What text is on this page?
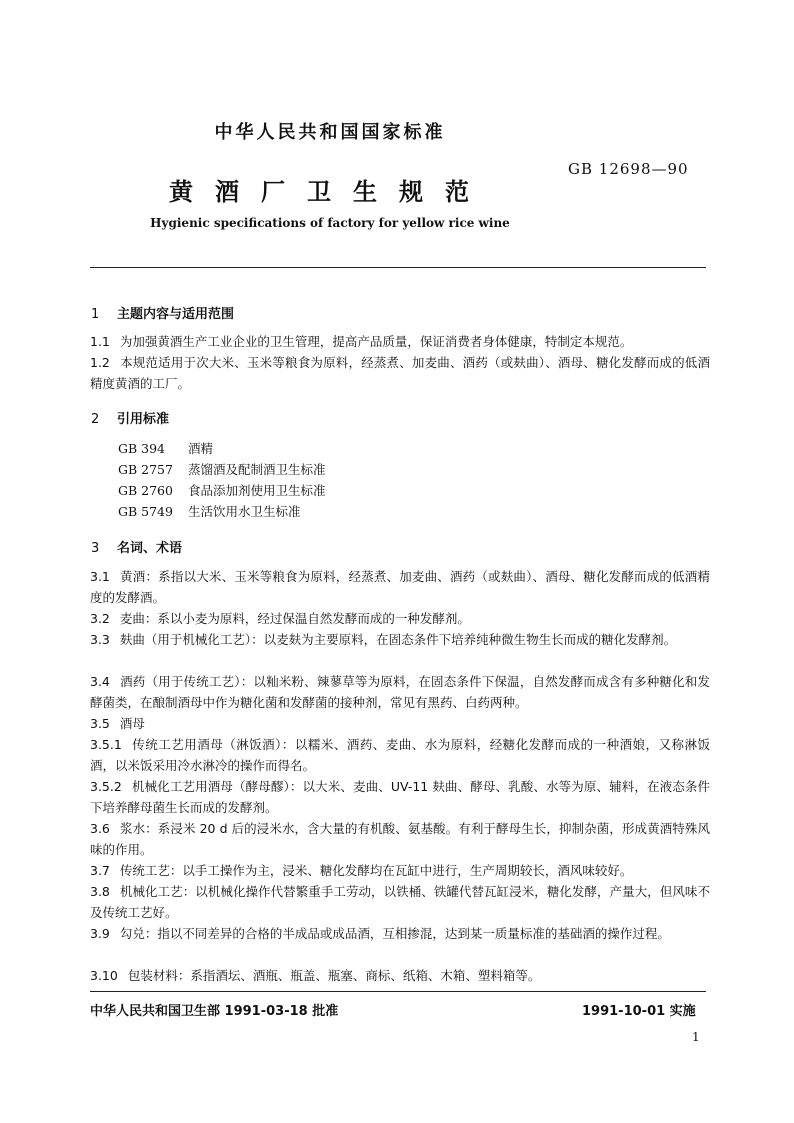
中华人民共和国国家标准
GB 12698—90
黄酒厂卫生规范
Hygienic specifications of factory for yellow rice wine
1 主题内容与适用范围
1.1 为加强黄酒生产工业企业的卫生管理，提高产品质量，保证消费者身体健康，特制定本规范。
1.2 本规范适用于次大米、玉米等粮食为原料，经蒸煮、加麦曲、酒药（或麸曲）、酒母、糖化发酵而成的低酒精度黄酒的工厂。
2 引用标准
GB 394 酒精
GB 2757 蒸馏酒及配制酒卫生标准
GB 2760 食品添加剂使用卫生标准
GB 5749 生活饮用水卫生标准
3 名词、术语
3.1 黄酒：系指以大米、玉米等粮食为原料，经蒸煮、加麦曲、酒药（或麸曲）、酒母、糖化发酵而成的低酒精度的发酵酒。
3.2 麦曲：系以小麦为原料，经过保温自然发酵而成的一种发酵剂。
3.3 麸曲（用于机械化工艺）：以麦麸为主要原料，在固态条件下培养纯种微生物生长而成的糖化发酵剂。
3.4 酒药（用于传统工艺）：以籼米粉、辣蓼草等为原料，在固态条件下保温，自然发酵而成含有多种糖化和发酵菌类，在酿制酒母中作为糖化菌和发酵菌的接种剂，常见有黑药、白药两种。
3.5 酒母
3.5.1 传统工艺用酒母（淋饭酒）：以糯米、酒药、麦曲、水为原料，经糖化发酵而成的一种酒娘，又称淋饭酒，以米饭采用冷水淋冷的操作而得名。
3.5.2 机械化工艺用酒母（酵母醪）：以大米、麦曲、UV-11 麸曲、酵母、乳酸、水等为原、辅料，在液态条件下培养酵母菌生长而成的发酵剂。
3.6 浆水：系浸米 20 d 后的浸米水，含大量的有机酸、氨基酸。有利于酵母生长，抑制杂菌，形成黄酒特殊风味的作用。
3.7 传统工艺：以手工操作为主，浸米、糖化发酵均在瓦缸中进行，生产周期较长，酒风味较好。
3.8 机械化工艺：以机械化操作代替繁重手工劳动，以铁桶、铁罐代替瓦缸浸米，糖化发酵，产量大，但风味不及传统工艺好。
3.9 勾兑：指以不同差异的合格的半成品或成品酒，互相掺混，达到某一质量标准的基础酒的操作过程。
3.10 包装材料：系指酒坛、酒瓶、瓶盖、瓶塞、商标、纸箱、木箱、塑料箱等。
中华人民共和国卫生部 1991-03-18 批准	1991-10-01 实施
1
